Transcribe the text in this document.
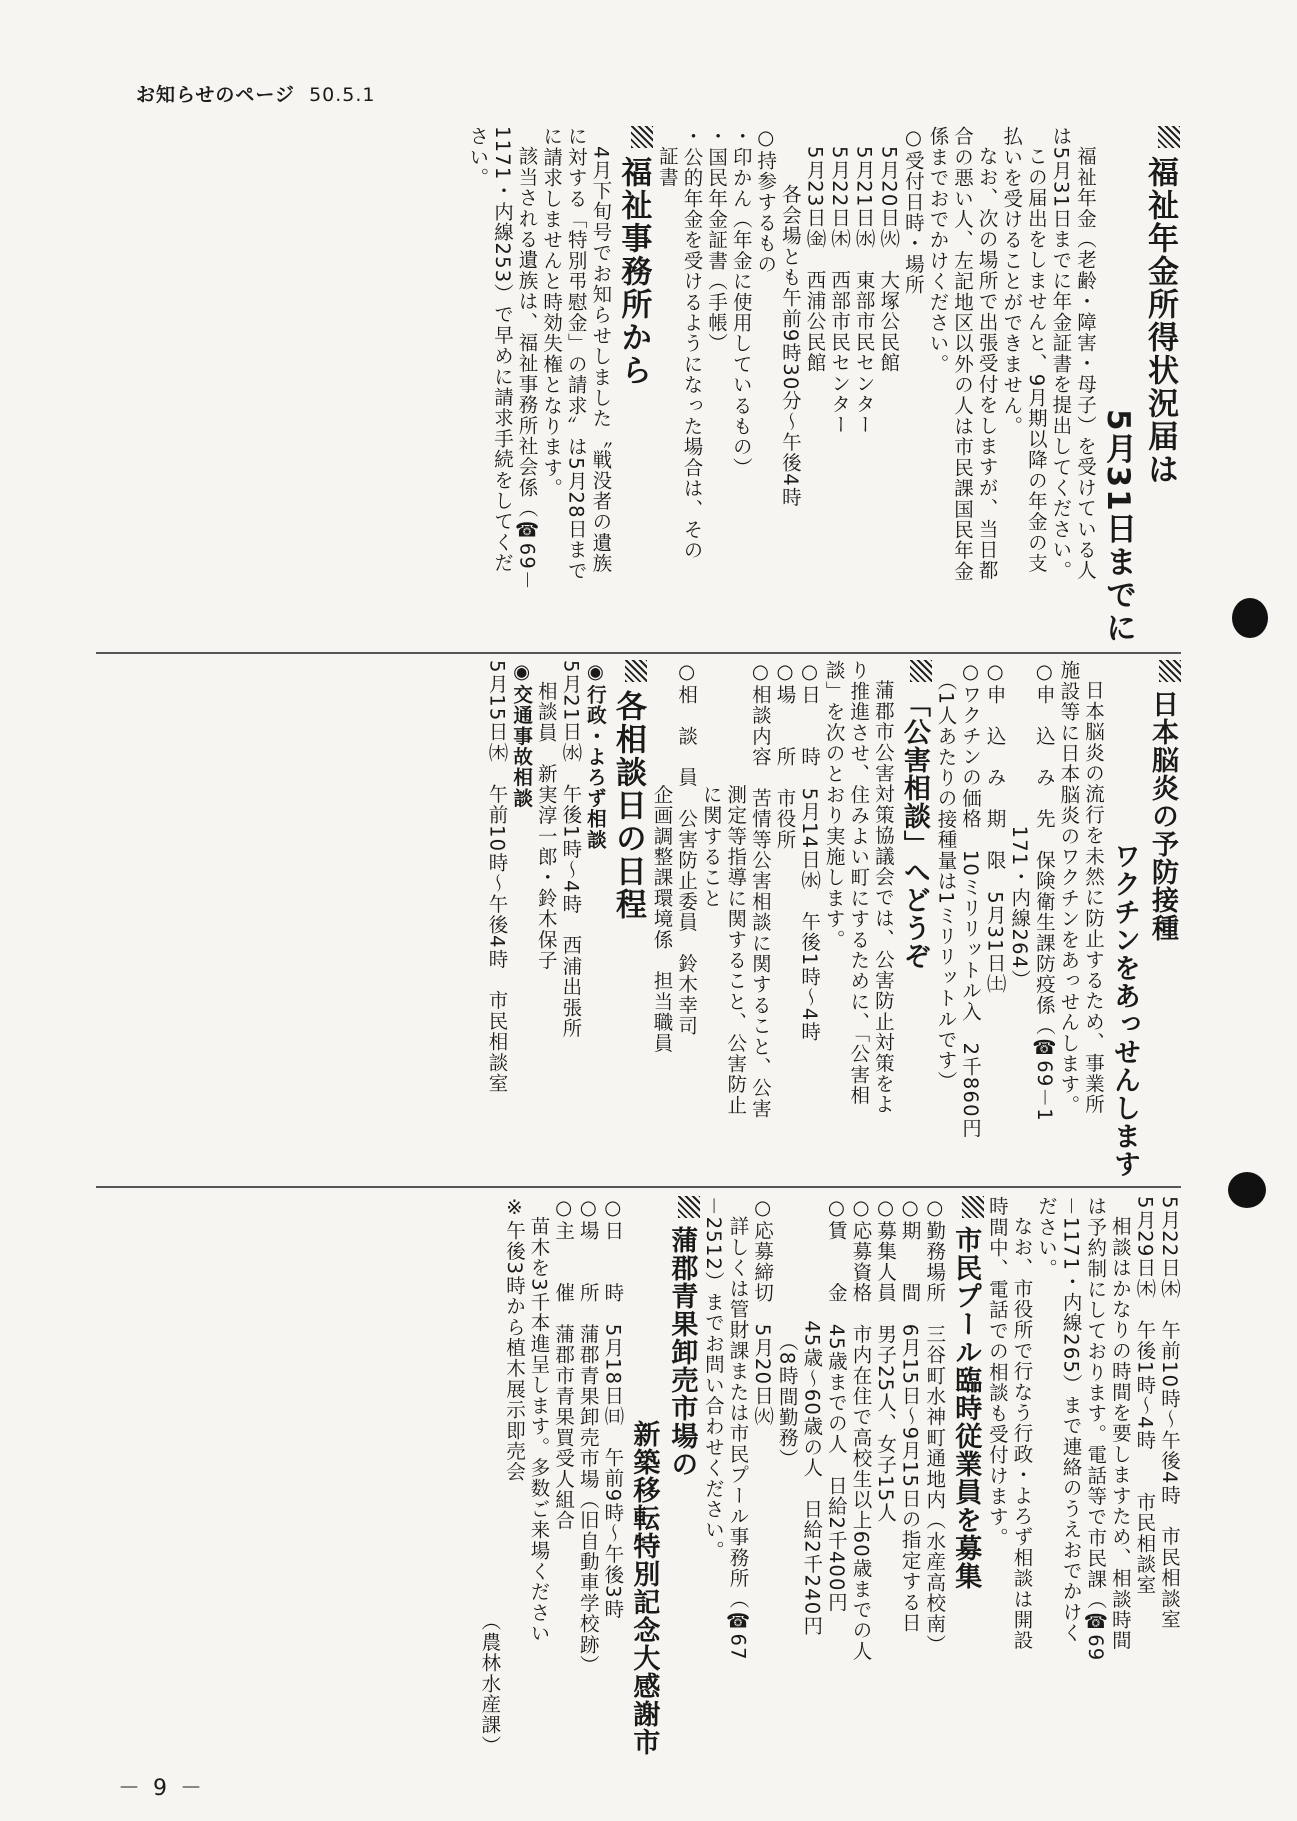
お知らせのページ 50.5.1
福祉年金所得状況届は
5月31日までに
福祉年金（老齢・障害・母子）を受けている人
は5月31日までに年金証書を提出してください。
この届出をしませんと、9月期以降の年金の支
払いを受けることができません。
なお、次の場所で出張受付をしますが、当日都
合の悪い人、左記地区以外の人は市民課国民年金
係までおでかけください。
○受付日時・場所
5月20日㈫　大塚公民館
5月21日㈬　東部市民センター
5月22日㈭　西部市民センター
5月23日㈮　西浦公民館
各会場とも午前9時30分～午後4時
○持参するもの
・印かん（年金に使用しているもの）
・国民年金証書（手帳）
・公的年金を受けるようになった場合は、その
証書
福祉事務所から
4月下旬号でお知らせしました〝戦没者の遺族
に対する「特別弔慰金」の請求〟は5月28日まで
に請求しませんと時効失権となります。
該当される遺族は、福祉事務所社会係（☎69－
1171・内線253）で早めに請求手続をしてくだ
さい。
日本脳炎の予防接種
ワクチンをあっせんします
日本脳炎の流行を未然に防止するため、事業所
施設等に日本脳炎のワクチンをあっせんします。
○申　込　み　先　保険衛生課防疫係（☎69－1
　　　　　　　　171・内線264）
○申　込　み　期　限　5月31日㈯
○ワクチンの価格　10ミリリットル入　2千860円
　（1人あたりの接種量は1ミリリットルです）
「公害相談」へどうぞ
蒲郡市公害対策協議会では、公害防止対策をよ
り推進させ、住みよい町にするために、「公害相
談」を次のとおり実施します。
○日　　時　5月14日㈬　午後1時～4時
○場　　所　市役所
○相談内容　苦情等公害相談に関すること、公害
　　　　　　測定等指導に関すること、公害防止
　　　　　　に関すること
○相　談　員　公害防止委員　鈴木幸司
　　　　　　企画調整課環境係　担当職員
各相談日の日程
◉行政・よろず相談
5月21日㈬　午後1時～4時　西浦出張所
　相談員　新実淳一郎・鈴木保子
◉交通事故相談
5月15日㈭　午前10時～午後4時　市民相談室
5月22日㈭　午前10時～午後4時　市民相談室
5月29日㈭　午後1時～4時　　市民相談室
相談はかなりの時間を要しますため、相談時間
は予約制にしております。電話等で市民課（☎69
－1171・内線265）まで連絡のうえおでかけく
ださい。
なお、市役所で行なう行政・よろず相談は開設
時間中、電話での相談も受付けます。
市民プール臨時従業員を募集
○勤務場所　三谷町水神町通地内（水産高校南）
○期　　間　6月15日～9月15日の指定する日
○募集人員　男子25人、女子15人
○応募資格　市内在住で高校生以上60歳までの人
○賃　　金　45歳までの人　日給2千400円
　　　　　　45歳～60歳の人　日給2千240円
　　　　　　　（8時間勤務）
○応募締切　5月20日㈫
詳しくは管財課または市民プール事務所（☎67
－2512）までお問い合わせください。
蒲郡青果卸売市場の
新築移転特別記念大感謝市
○日　　時　5月18日㈰　午前9時～午後3時
○場　　所　蒲郡青果卸売市場（旧自動車学校跡）
○主　　催　蒲郡市青果買受人組合
苗木を3千本進呈します。多数ご来場ください
※午後3時から植木展示即売会
（農林水産課）
－ 9 －
